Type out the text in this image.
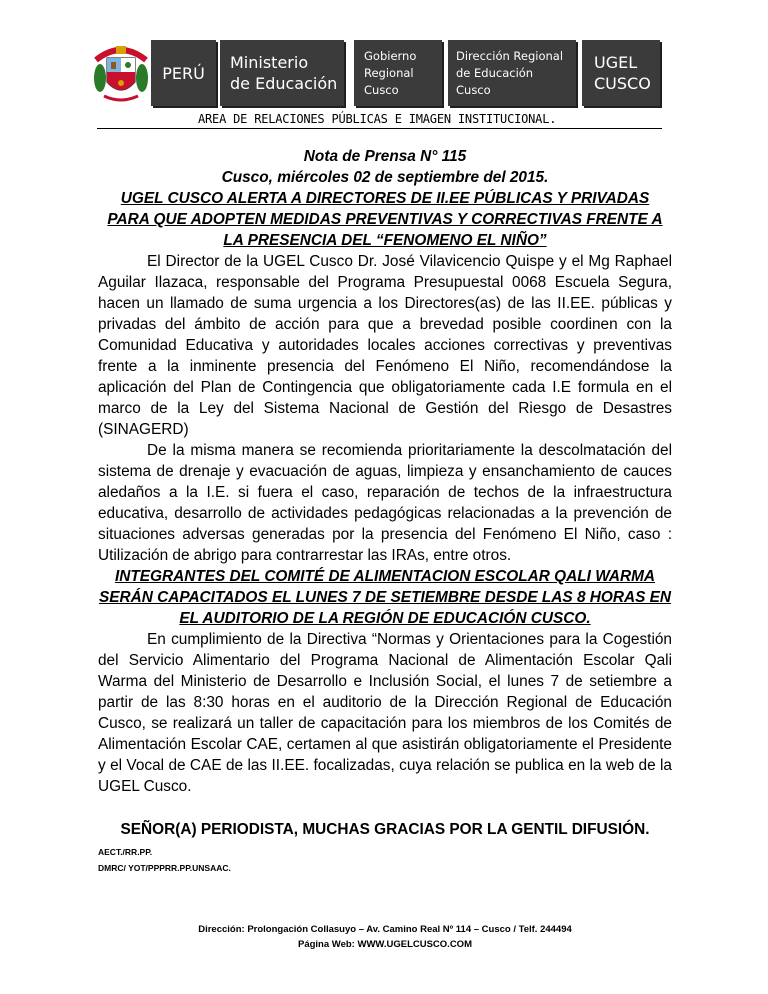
PERÚ
Ministerio
de Educación
Gobierno
Regional
Cusco
Dirección Regional
de Educación
Cusco
UGEL
CUSCO
AREA DE RELACIONES PÚBLICAS E IMAGEN INSTITUCIONAL.

Nota de Prensa N° 115

Cusco, miércoles 02 de septiembre del 2015.

UGEL CUSCO ALERTA A DIRECTORES DE II.EE PÚBLICAS Y PRIVADAS PARA QUE ADOPTEN MEDIDAS PREVENTIVAS Y CORRECTIVAS FRENTE A LA PRESENCIA DEL “FENOMENO EL NIÑO”

El Director de la UGEL Cusco Dr. José Vilavicencio Quispe y el Mg Raphael Aguilar Ilazaca, responsable del Programa Presupuestal 0068 Escuela Segura, hacen un llamado de suma urgencia a los Directores(as) de las II.EE. públicas y privadas del ámbito de acción para que a brevedad posible coordinen con la Comunidad Educativa y autoridades locales acciones correctivas y preventivas frente a la inminente presencia del Fenómeno El Niño, recomendándose la aplicación del Plan de Contingencia que obligatoriamente cada I.E formula en el marco de la Ley del Sistema Nacional de Gestión del Riesgo de Desastres (SINAGERD)

De la misma manera se recomienda prioritariamente la descolmatación del sistema de drenaje y evacuación de aguas, limpieza y ensanchamiento de cauces aledaños a la I.E. si fuera el caso, reparación de techos de la infraestructura educativa, desarrollo de actividades pedagógicas relacionadas a la prevención de situaciones adversas generadas por la presencia del Fenómeno El Niño, caso : Utilización de abrigo para contrarrestar las IRAs, entre otros.

INTEGRANTES DEL COMITÉ DE ALIMENTACION ESCOLAR QALI WARMA SERÁN CAPACITADOS EL LUNES 7 DE SETIEMBRE DESDE LAS 8 HORAS EN EL AUDITORIO DE LA REGIÓN DE EDUCACIÓN CUSCO.

En cumplimiento de la Directiva “Normas y Orientaciones para la Cogestión del Servicio Alimentario del Programa Nacional de Alimentación Escolar Qali Warma del Ministerio de Desarrollo e Inclusión Social, el lunes 7 de setiembre a partir de las 8:30 horas en el auditorio de la Dirección Regional de Educación Cusco, se realizará un taller de capacitación para los miembros de los Comités de Alimentación Escolar CAE, certamen al que asistirán obligatoriamente el Presidente y el Vocal de CAE de las II.EE. focalizadas, cuya relación se publica en la web de la UGEL Cusco.

SEÑOR(A) PERIODISTA, MUCHAS GRACIAS POR LA GENTIL DIFUSIÓN.

AECT./RR.PP.

DMRC/ YOT/PPPRR.PP.UNSAAC.

Dirección: Prolongación Collasuyo – Av. Camino Real Nº 114 – Cusco / Telf. 244494
Página Web: WWW.UGELCUSCO.COM
